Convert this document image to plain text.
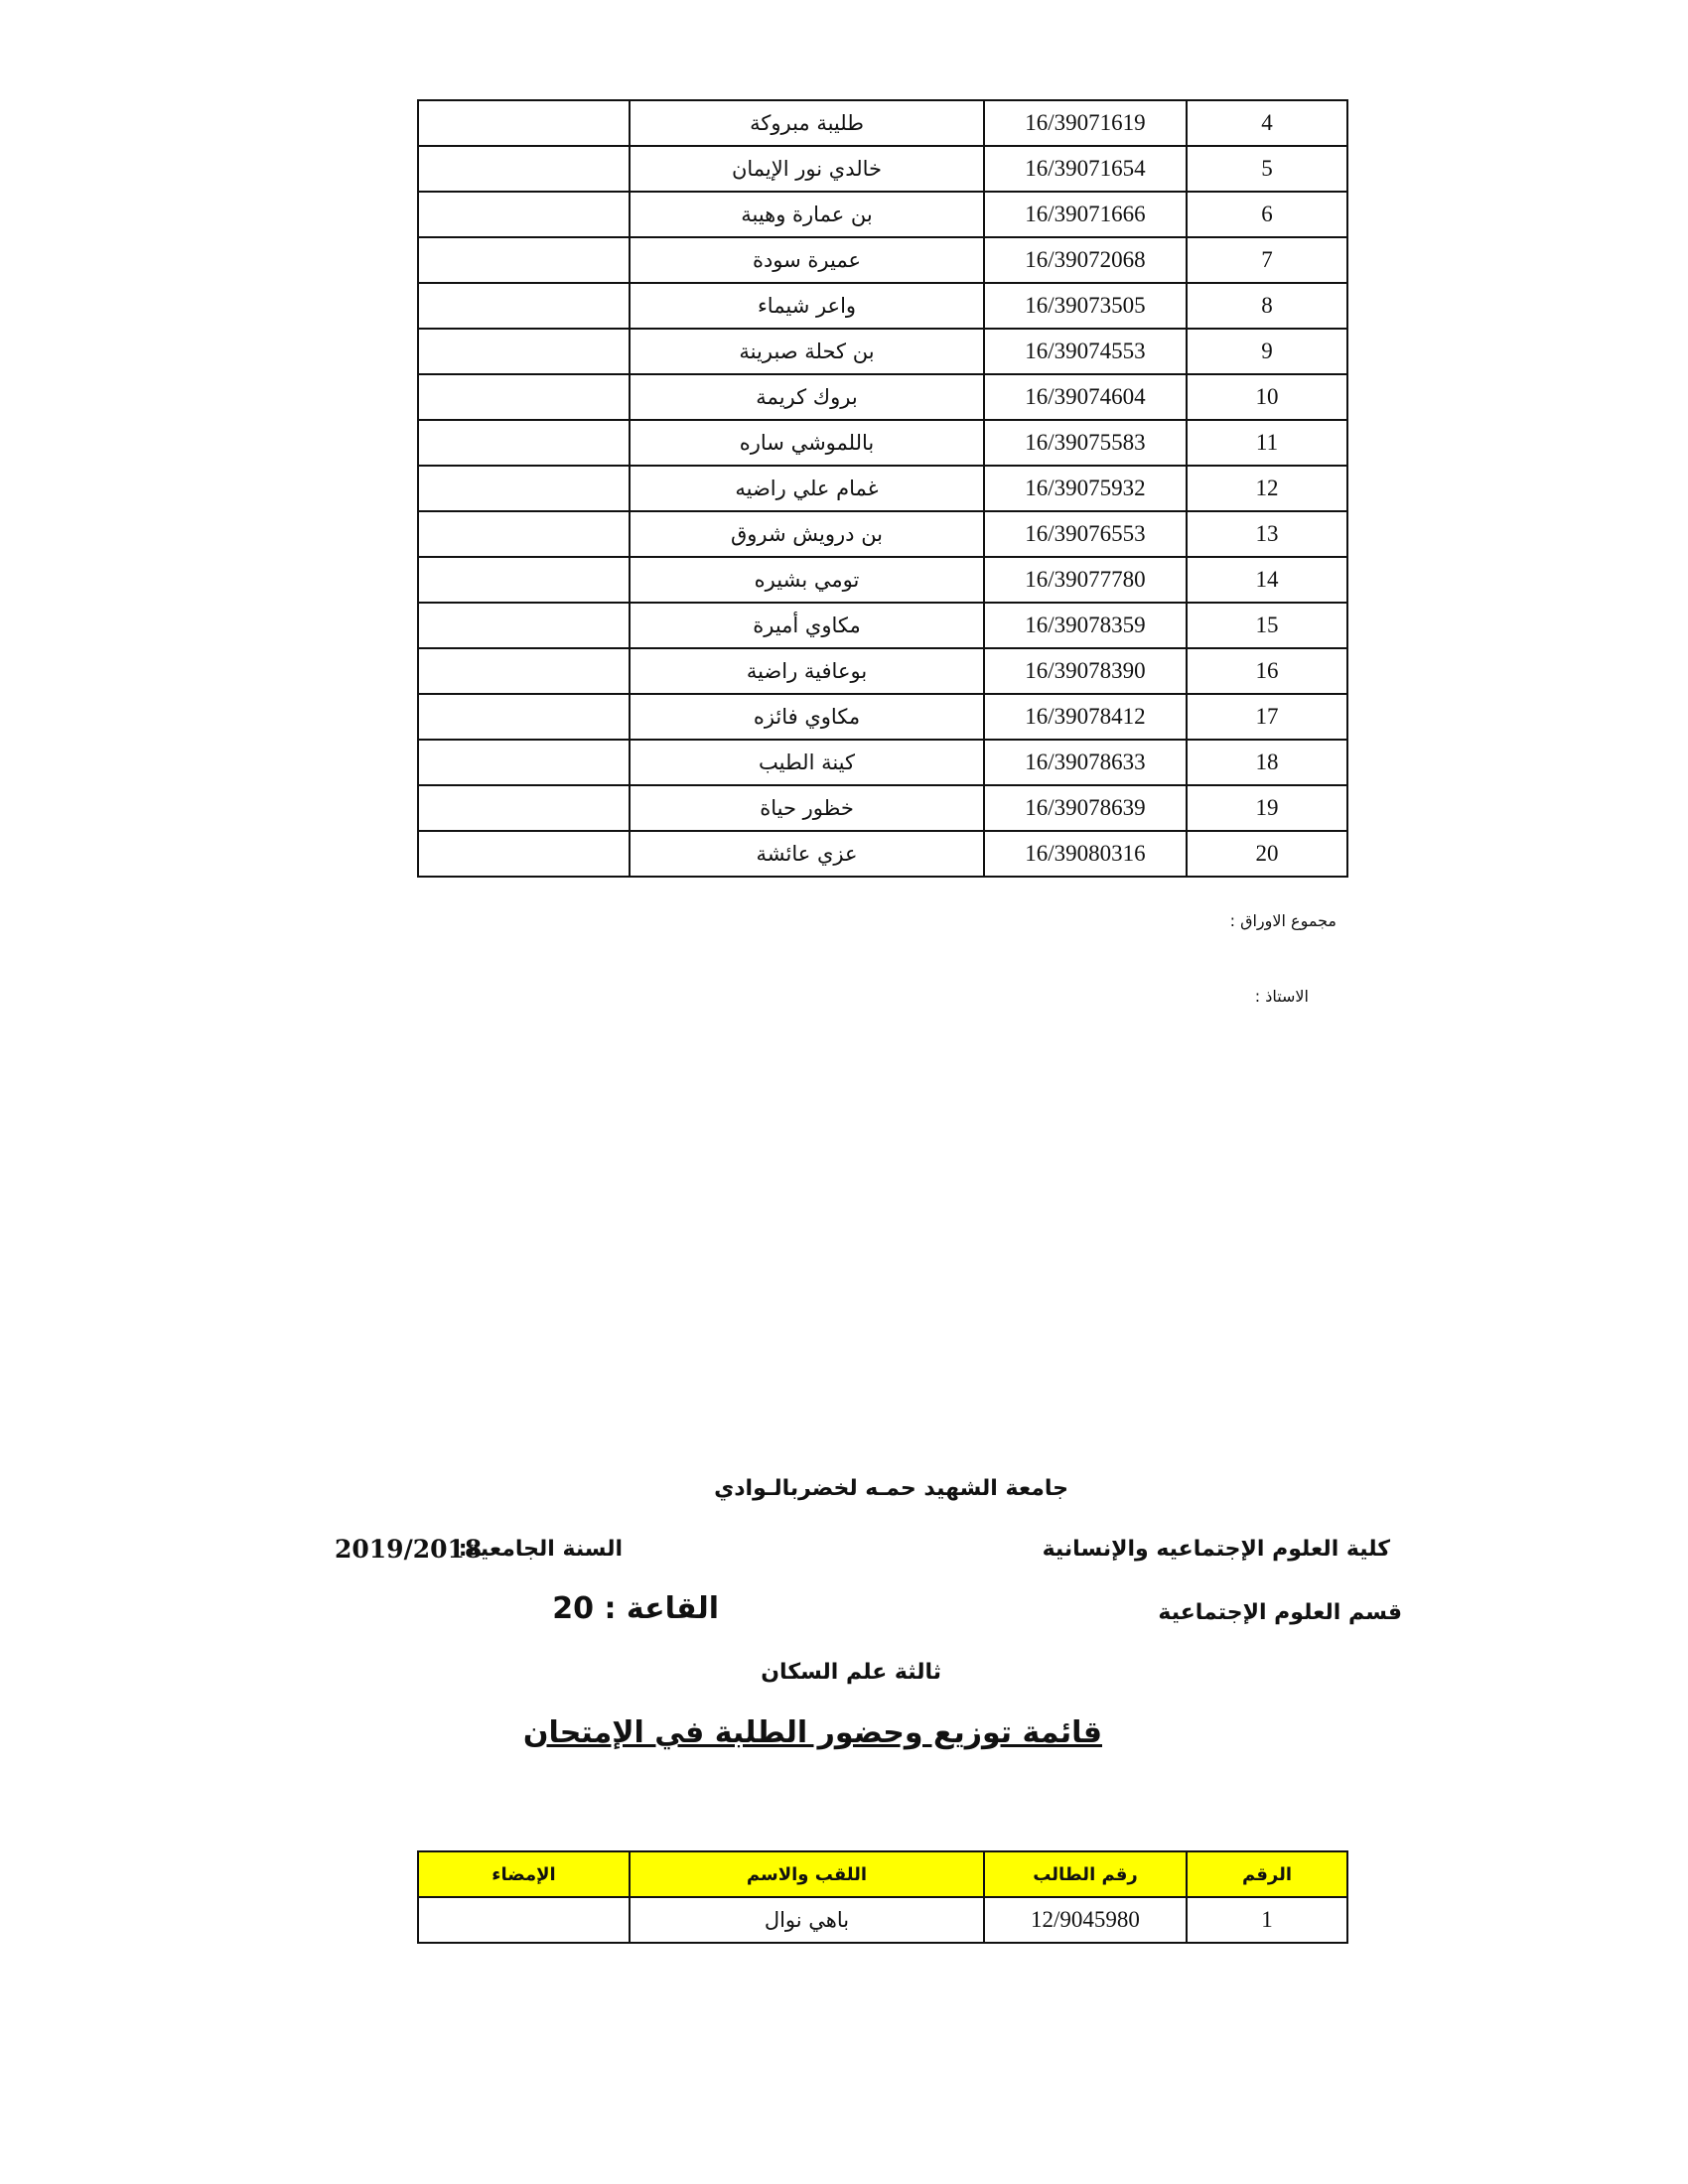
4	16/39071619	طليبة مبروكة	
5	16/39071654	خالدي نور الإيمان	
6	16/39071666	بن عمارة وهيبة	
7	16/39072068	عميرة سودة	
8	16/39073505	واعر شيماء	
9	16/39074553	بن كحلة صبرينة	
10	16/39074604	بروك كريمة	
11	16/39075583	باللموشي ساره	
12	16/39075932	غمام علي راضيه	
13	16/39076553	بن درويش شروق	
14	16/39077780	تومي بشيره	
15	16/39078359	مكاوي أميرة	
16	16/39078390	بوعافية راضية	
17	16/39078412	مكاوي فائزه	
18	16/39078633	كينة الطيب	
19	16/39078639	خظور حياة	
20	16/39080316	عزي عائشة	
مجموع الاوراق :
الاستاذ :
جامعة الشهيد حمـه لخضربالـوادي
كلية العلوم الإجتماعيه والإنسانية
السنة الجامعية:
2019/2018
قسم العلوم الإجتماعية
القاعة : 20
ثالثة علم السكان
قائمة توزيع وحضور الطلبة في الإمتحان
الرقم	رقم الطالب	اللقب والاسم	الإمضاء
1	12/9045980	باهي نوال	
